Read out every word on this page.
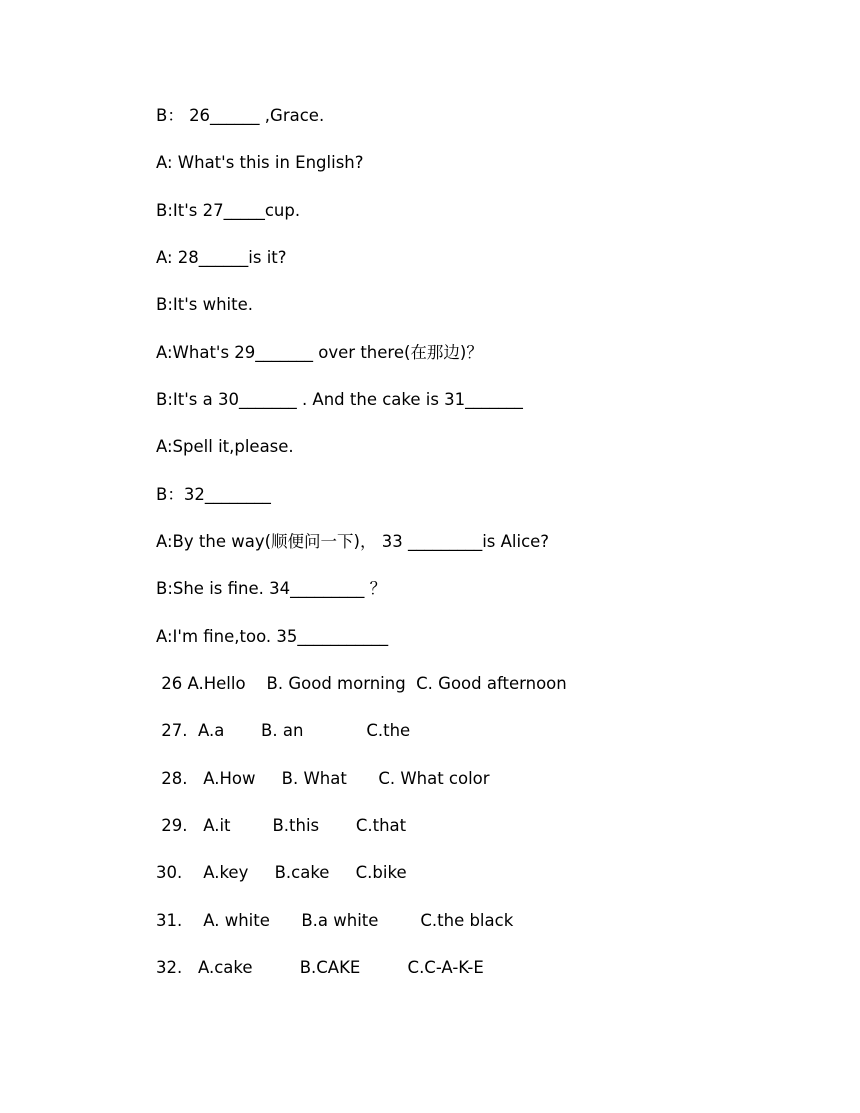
B： 26______ ,Grace.
A: What's this in English?
B:It's 27_____cup.
A: 28______is it?
B:It's white.
A:What's 29_______ over there(在那边)？
B:It's a 30_______ . And the cake is 31_______
A:Spell it,please.
B：32________
A:By the way(顺便问一下)， 33 _________is Alice?
B:She is fine. 34_________ ？
A:I'm fine,too. 35___________
26 A.Hello    B. Good morning  C. Good afternoon
27.  A.a       B. an            C.the
28.   A.How     B. What      C. What color
29.   A.it        B.this       C.that
30.    A.key     B.cake     C.bike
31.    A. white      B.a white        C.the black
32.   A.cake         B.CAKE         C.C-A-K-E
